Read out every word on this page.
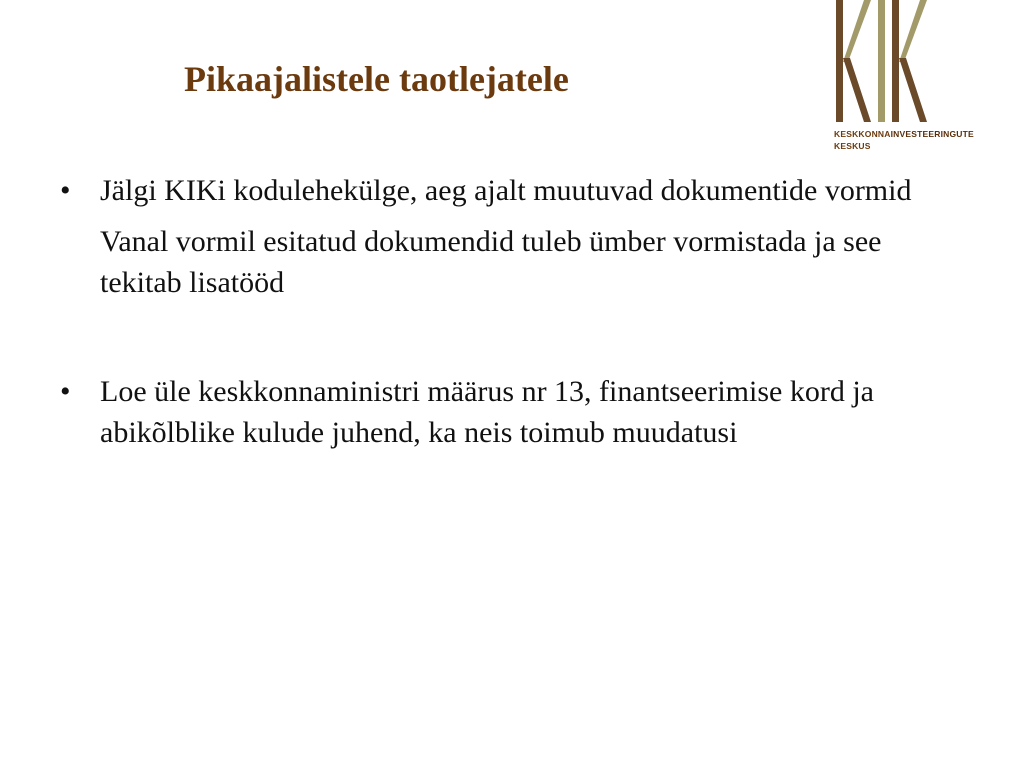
Pikaajalistele taotlejatele
KESKKONNAINVESTEERINGUTE
KESKUS
• Jälgi KIKi kodulehekülge, aeg ajalt muutuvad dokumentide vormid
Vanal vormil esitatud dokumendid tuleb ümber vormistada ja see tekitab lisatööd
• Loe üle keskkonnaministri määrus nr 13, finantseerimise kord ja abikõlblike kulude juhend, ka neis toimub muudatusi
